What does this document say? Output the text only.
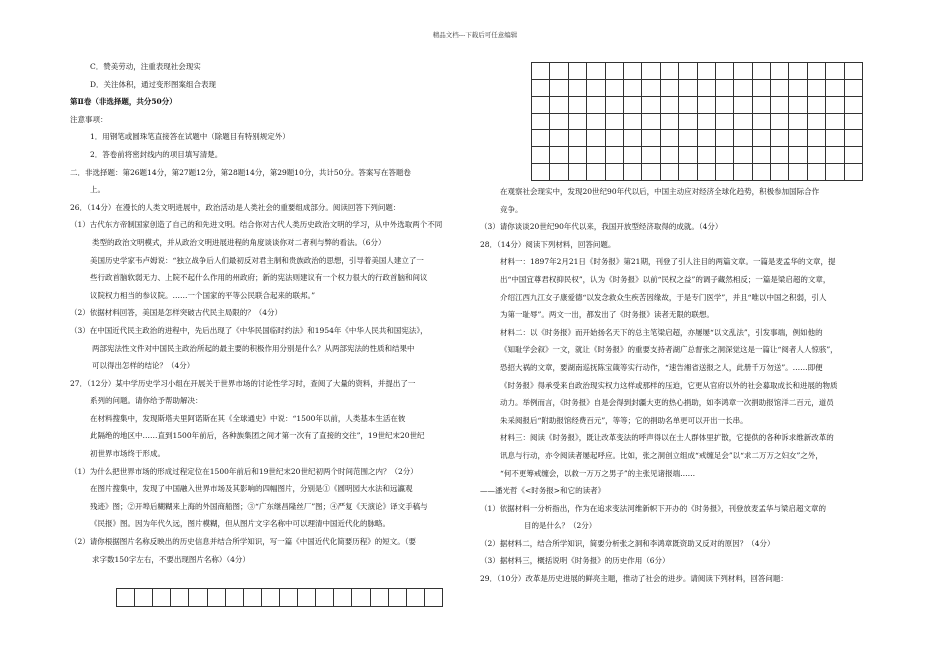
精品文档---下载后可任意编辑

C．赞美劳动，注重表现社会现实

D．关注体积，通过变形图案组合表现

第Ⅱ卷（非选择题，共分50分）

注意事项：

1．用钢笔或圆珠笔直接答在试题中（除题目有特别规定外）

2．答卷前将密封线内的项目填写清楚。

二．非选择题：第26题14分，第27题12分，第28题14分，第29题10分，共计50分。答案写在答题卷

上。

26．（14分）在漫长的人类文明进展中，政治活动是人类社会的重要组成部分。阅读回答下列问题：

（1）古代东方帝制国家创造了自己的和先进文明。结合你对古代人类历史政治文明的学习，从中外选取两个不同

类型的政治文明模式，并从政治文明进展进程的角度谈谈你对二者利与弊的看法。（6分）

美国历史学家韦卢姆说：“独立战争后人们最初反对君主制和贵族政治的思想，引导着美国人建立了一

些行政首脑软弱无力、上院不起什么作用的州政府；新的宪法则建议有一个权力很大的行政首脑和间议

议院权力相当的参议院。……一个国家的平等公民联合起来的联邦。”

（2）依据材料回答，美国是怎样突破古代民主局限的？（4分）

（3）在中国近代民主政治的进程中，先后出现了《中华民国临时约法》和1954年《中华人民共和国宪法》，

两部宪法性文件对中国民主政治所起的最主要的积极作用分别是什么？从两部宪法的性质和结果中

可以得出怎样的结论？（4分）

27．（12分）某中学历史学习小组在开展关于世界市场的讨论性学习时，查阅了大量的资料，并提出了一

系列的问题。请你给予帮助解决：

在材料搜集中，发现斯塔夫里阿诺斯在其《全球通史》中说：“1500年以前，人类基本生活在彼

此隔绝的地区中……直到1500年前后，各种族集团之间才第一次有了直接的交往”，19世纪末20世纪

初世界市场终于形成。

（1）为什么把世界市场的形成过程定位在1500年前后和19世纪末20世纪初两个时间范围之内？（2分）

在图片搜集中，发现了中国融入世界市场及其影响的四幅图片，分别是①《圆明园大水法和远瀛观

残迹》图；②开埠后糊糊来上海的外国商船图；③“广东继昌隆丝厂”图；④严复《天演论》译文手稿与

《民报》图。因为年代久远，图片模糊，但从图片文字名称中可以理清中国近代化的脉略。

（2）请你根据图片名称反映出的历史信息并结合所学知识，写一篇《中国近代化简要历程》的短文。（要

求字数150字左右，不要出现图片名称）（4分）

在观察社会现实中，发现20世纪90年代以后，中国主动应对经济全球化趋势，积极参加国际合作

竞争。

（3）请你谈谈20世纪90年代以来，我国开放型经济取得的成就。（4分）

28．（14分）阅读下列材料，回答问题。

材料一：1897年2月21日《时务报》第21期，刊登了引人注目的两篇文章。一篇是麦孟华的文章，提

出“中国宜尊君权抑民权”，认为《时务报》以前“民权之益”的调子藏然相反；一篇是梁启超的文章，

介绍江西九江女子康爱德“以发念救众生疾苦因缘故，于是专门医学”，并且“唯以中国之积弱，引人

为第一耻辱”。两文一出，都发出了《时务报》读者无限的联想。

材料二：以《时务报》而开始扬名天下的总主笔梁启超，亦屡屡“以文乱法”，引发事端，例如他的

《知耻学会叙》一文，就让《时务报》的重要支持者湖广总督张之洞深觉这是一篇让“阅者人人惊骇”，

恐招大祸的文章，要湖南巡抚陈宝箴等实行动作，“速告湘省送报之人，此册千万勿送”。……即便

《时务报》得承受来自政治现实权力这样或那样的压迫，它更从官府以外的社会募取成长和进展的物质

动力。举例而言，《时务报》自是会得到封疆大吏的热心捐助，如李鸿章一次捐助报馆洋二百元，道员

朱采阅报后“附助报馆经费百元”，等等；它的捐助名单更可以开出一长串。

材料三：阅读《时务报》，既让改革变法的呼声得以在士人群体里扩散，它提供的各种诉求维新改革的

讯息与行动，亦令阅读者屡起呼应。比如，张之洞创立组成“戒缠足会”以“求二万万之妇女”之外，

“何不更筹戒缠会，以救一万万之男子”的主张见诸报端……

——潘光哲《<时务报>和它的读者》

（1）依据材料一分析指出，作为在追求变法河维新帜下开办的《时务报》，刊登放麦孟华与梁启超文章的

目的是什么？（2分）

（2）据材料二，结合所学知识，简要分析张之洞和李鸿章既资助又反对的原因？（4分）

（3）据材料三，概括说明《时务报》的历史作用（6分）

29．（10分）改革是历史进展的鲜亮主题，推动了社会的进步。请阅读下列材料，回答问题：
